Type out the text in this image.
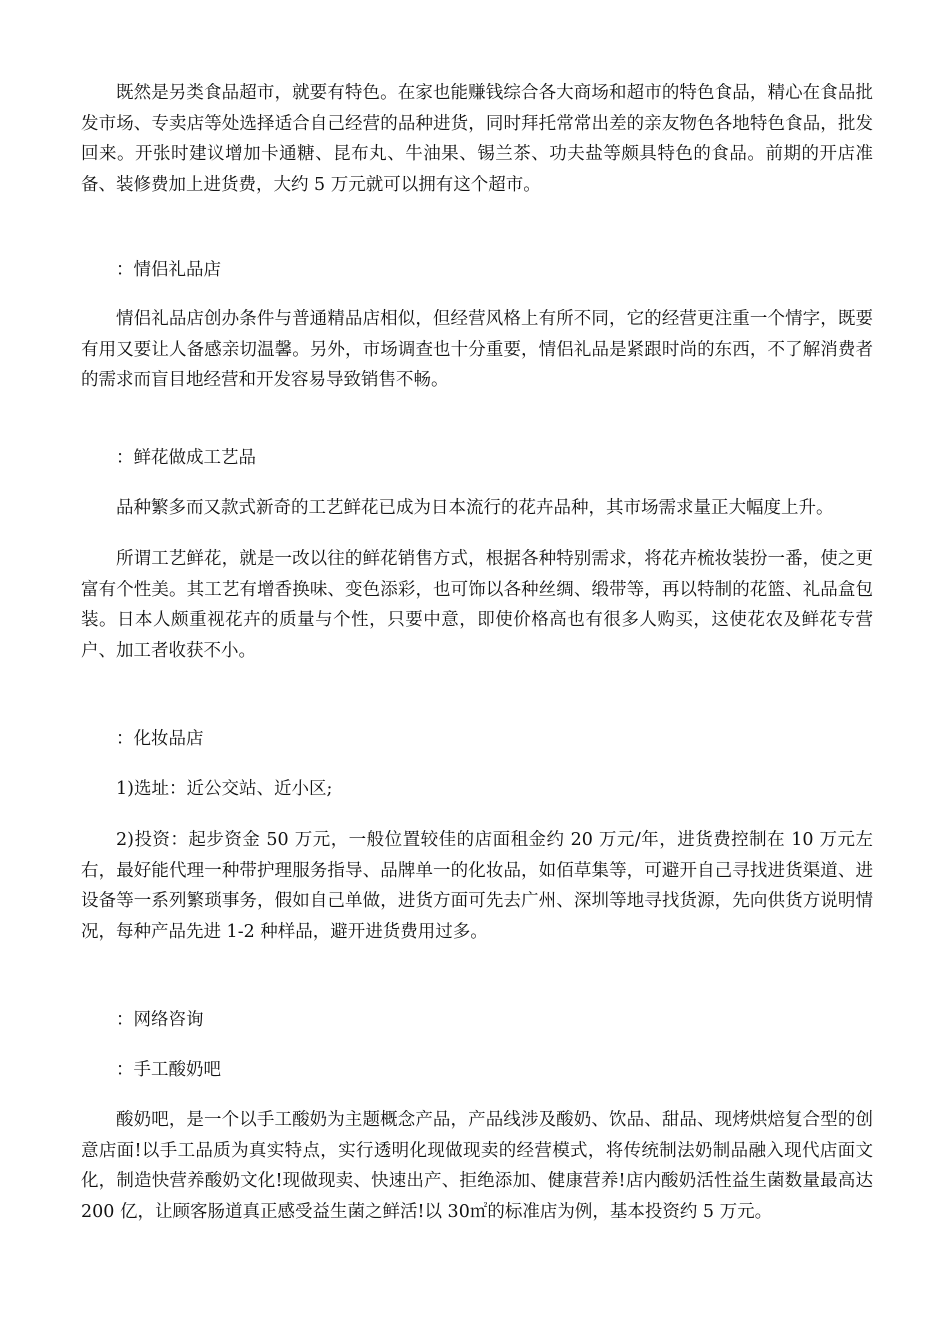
既然是另类食品超市，就要有特色。在家也能赚钱综合各大商场和超市的特色食品，精心在食品批发市场、专卖店等处选择适合自己经营的品种进货，同时拜托常常出差的亲友物色各地特色食品，批发回来。开张时建议增加卡通糖、昆布丸、牛油果、锡兰茶、功夫盐等颇具特色的食品。前期的开店准备、装修费加上进货费，大约 5 万元就可以拥有这个超市。

：情侣礼品店

情侣礼品店创办条件与普通精品店相似，但经营风格上有所不同，它的经营更注重一个情字，既要有用又要让人备感亲切温馨。另外，市场调查也十分重要，情侣礼品是紧跟时尚的东西，不了解消费者的需求而盲目地经营和开发容易导致销售不畅。

：鲜花做成工艺品

品种繁多而又款式新奇的工艺鲜花已成为日本流行的花卉品种，其市场需求量正大幅度上升。

所谓工艺鲜花，就是一改以往的鲜花销售方式，根据各种特别需求，将花卉梳妆装扮一番，使之更富有个性美。其工艺有增香换味、变色添彩，也可饰以各种丝绸、缎带等，再以特制的花篮、礼品盒包装。日本人颇重视花卉的质量与个性，只要中意，即使价格高也有很多人购买，这使花农及鲜花专营户、加工者收获不小。

：化妆品店

1)选址：近公交站、近小区;

2)投资：起步资金 50 万元，一般位置较佳的店面租金约 20 万元/年，进货费控制在 10 万元左右，最好能代理一种带护理服务指导、品牌单一的化妆品，如佰草集等，可避开自己寻找进货渠道、进设备等一系列繁琐事务，假如自己单做，进货方面可先去广州、深圳等地寻找货源，先向供货方说明情况，每种产品先进 1-2 种样品，避开进货费用过多。

：网络咨询

：手工酸奶吧

酸奶吧，是一个以手工酸奶为主题概念产品，产品线涉及酸奶、饮品、甜品、现烤烘焙复合型的创意店面!以手工品质为真实特点，实行透明化现做现卖的经营模式，将传统制法奶制品融入现代店面文化，制造快营养酸奶文化!现做现卖、快速出产、拒绝添加、健康营养!店内酸奶活性益生菌数量最高达 200 亿，让顾客肠道真正感受益生菌之鲜活!以 30㎡的标准店为例，基本投资约 5 万元。
